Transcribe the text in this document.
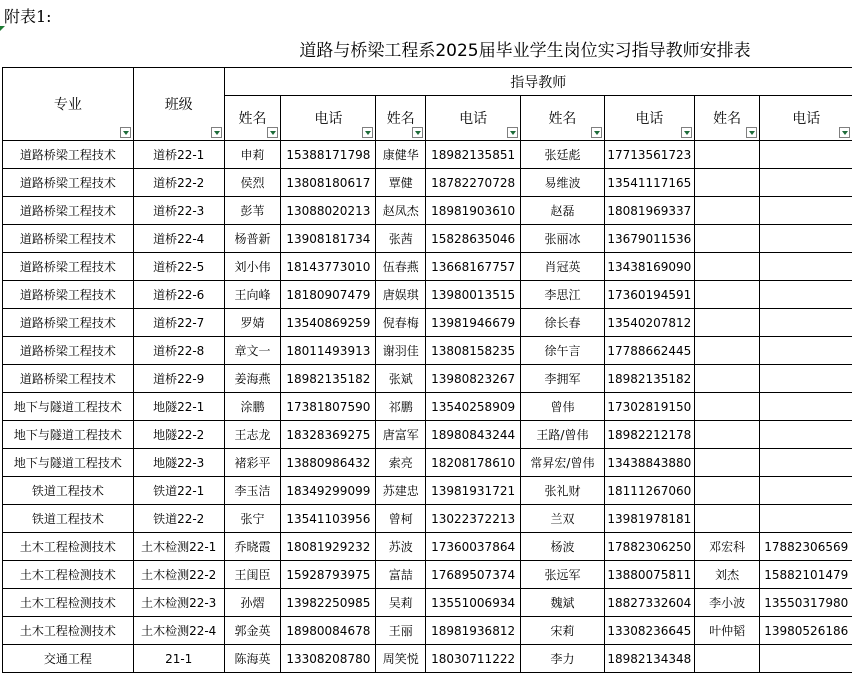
附表1:
道路与桥梁工程系2025届毕业学生岗位实习指导教师安排表
专业	班级	指导教师							

		姓名	电话	姓名	电话	姓名	电话	姓名	电话

道路桥梁工程技术	道桥22-1	申莉	15388171798	康健华	18982135851	张廷彪	17713561723		
道路桥梁工程技术	道桥22-2	侯烈	13808180617	覃健	18782270728	易维波	13541117165		
道路桥梁工程技术	道桥22-3	彭苇	13088020213	赵凤杰	18981903610	赵磊	18081969337		
道路桥梁工程技术	道桥22-4	杨普新	13908181734	张茜	15828635046	张丽冰	13679011536		
道路桥梁工程技术	道桥22-5	刘小伟	18143773010	伍春燕	13668167757	肖冠英	13438169090		
道路桥梁工程技术	道桥22-6	王向峰	18180907479	唐娱琪	13980013515	李思江	17360194591		
道路桥梁工程技术	道桥22-7	罗婧	13540869259	倪春梅	13981946679	徐长春	13540207812		
道路桥梁工程技术	道桥22-8	章文一	18011493913	谢羽佳	13808158235	徐午言	17788662445		
道路桥梁工程技术	道桥22-9	姜海燕	18982135182	张斌	13980823267	李拥军	18982135182		
地下与隧道工程技术	地隧22-1	涂鹏	17381807590	祁鹏	13540258909	曾伟	17302819150		
地下与隧道工程技术	地隧22-2	王志龙	18328369275	唐富军	18980843244	王路/曾伟	18982212178		
地下与隧道工程技术	地隧22-3	褚彩平	13880986432	索亮	18208178610	常昇宏/曾伟	13438843880		
铁道工程技术	铁道22-1	李玉洁	18349299099	苏建忠	13981931721	张礼财	18111267060		
铁道工程技术	铁道22-2	张宁	13541103956	曾柯	13022372213	兰双	13981978181		
土木工程检测技术	土木检测22-1	乔晓霞	18081929232	苏波	17360037864	杨波	17882306250	邓宏科	17882306569
土木工程检测技术	土木检测22-2	王闺臣	15928793975	富喆	17689507374	张远军	13880075811	刘杰	15882101479
土木工程检测技术	土木检测22-3	孙熠	13982250985	吴莉	13551006934	魏斌	18827332604	李小波	13550317980
土木工程检测技术	土木检测22-4	郭金英	18980084678	王丽	18981936812	宋莉	13308236645	叶仲韬	13980526186
交通工程	21-1	陈海英	13308208780	周笑悦	18030711222	李力	18982134348		
